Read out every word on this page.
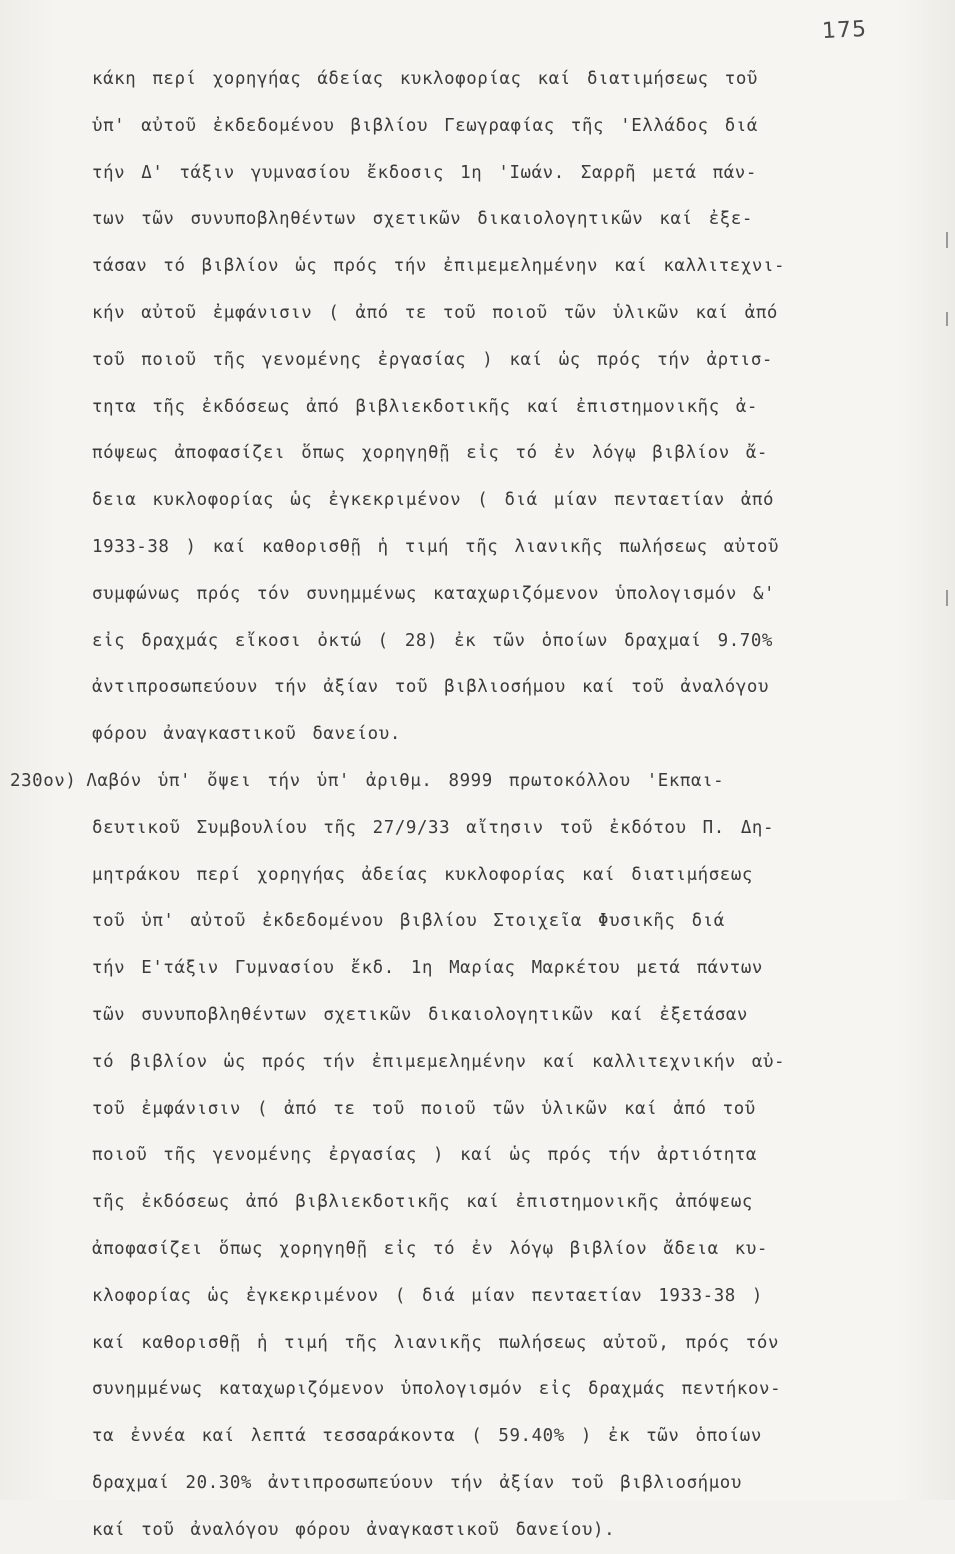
175
κάκη περί χορηγήας άδείας κυκλοφορίας καί διατιμήσεως τοῦ
ὑπ' αὐτοῦ ἐκδεδομένου βιβλίου Γεωγραφίας τῆς 'Ελλάδος διά
τήν Δ' τάξιν γυμνασίου ἔκδοσις 1η 'Ιωάν. Σαρρῆ μετά πάν-
των τῶν συνυποβληθέντων σχετικῶν δικαιολογητικῶν καί ἐξε-
τάσαν τό βιβλίον ὡς πρός τήν ἐπιμεμελημένην καί καλλιτεχνι-
κήν αὐτοῦ ἐμφάνισιν ( ἀπό τε τοῦ ποιοῦ τῶν ὑλικῶν καί ἀπό
τοῦ ποιοῦ τῆς γενομένης ἐργασίας ) καί ὡς πρός τήν ἀρτισ-
τητα τῆς ἐκδόσεως ἀπό βιβλιεκδοτικῆς καί ἐπιστημονικῆς ἀ-
πόψεως ἀποφασίζει ὅπως χορηγηθῇ εἰς τό ἐν λόγῳ βιβλίον ἄ-
δεια κυκλοφορίας ὡς ἐγκεκριμένον ( διά μίαν πενταετίαν ἀπό
1933-38 ) καί καθορισθῇ ἡ τιμή τῆς λιανικῆς πωλήσεως αὐτοῦ
συμφώνως πρός τόν συνημμένως καταχωριζόμενον ὑπολογισμόν &'
εἰς δραχμάς εἴκοσι ὀκτώ ( 28) ἐκ τῶν ὁποίων δραχμαί 9.70%
ἀντιπροσωπεύουν τήν ἀξίαν τοῦ βιβλιοσήμου καί τοῦ ἀναλόγου
φόρου ἀναγκαστικοῦ δανείου.
230ον) Λαβόν ὑπ' ὄψει τήν ὑπ' ἀριθμ. 8999 πρωτοκόλλου 'Εκπαι-
δευτικοῦ Συμβουλίου τῆς 27/9/33 αἴτησιν τοῦ ἐκδότου Π. Δη-
μητράκου περί χορηγήας ἀδείας κυκλοφορίας καί διατιμήσεως
τοῦ ὑπ' αὐτοῦ ἐκδεδομένου βιβλίου Στοιχεῖα Φυσικῆς διά
τήν Ε'τάξιν Γυμνασίου ἔκδ. 1η Μαρίας Μαρκέτου μετά πάντων
τῶν συνυποβληθέντων σχετικῶν δικαιολογητικῶν καί ἐξετάσαν
τό βιβλίον ὡς πρός τήν ἐπιμεμελημένην καί καλλιτεχνικήν αὐ-
τοῦ ἐμφάνισιν ( ἀπό τε τοῦ ποιοῦ τῶν ὑλικῶν καί ἀπό τοῦ
ποιοῦ τῆς γενομένης ἐργασίας ) καί ὡς πρός τήν ἀρτιότητα
τῆς ἐκδόσεως ἀπό βιβλιεκδοτικῆς καί ἐπιστημονικῆς ἀπόψεως
ἀποφασίζει ὅπως χορηγηθῇ εἰς τό ἐν λόγῳ βιβλίον ἄδεια κυ-
κλοφορίας ὡς ἐγκεκριμένον ( διά μίαν πενταετίαν 1933-38 )
καί καθορισθῇ ἡ τιμή τῆς λιανικῆς πωλήσεως αὐτοῦ, πρός τόν
συνημμένως καταχωριζόμενον ὑπολογισμόν εἰς δραχμάς πεντήκον-
τα ἐννέα καί λεπτά τεσσαράκοντα ( 59.40% ) ἐκ τῶν ὁποίων
δραχμαί 20.30% ἀντιπροσωπεύουν τήν ἀξίαν τοῦ βιβλιοσήμου
καί τοῦ ἀναλόγου φόρου ἀναγκαστικοῦ δανείου).
